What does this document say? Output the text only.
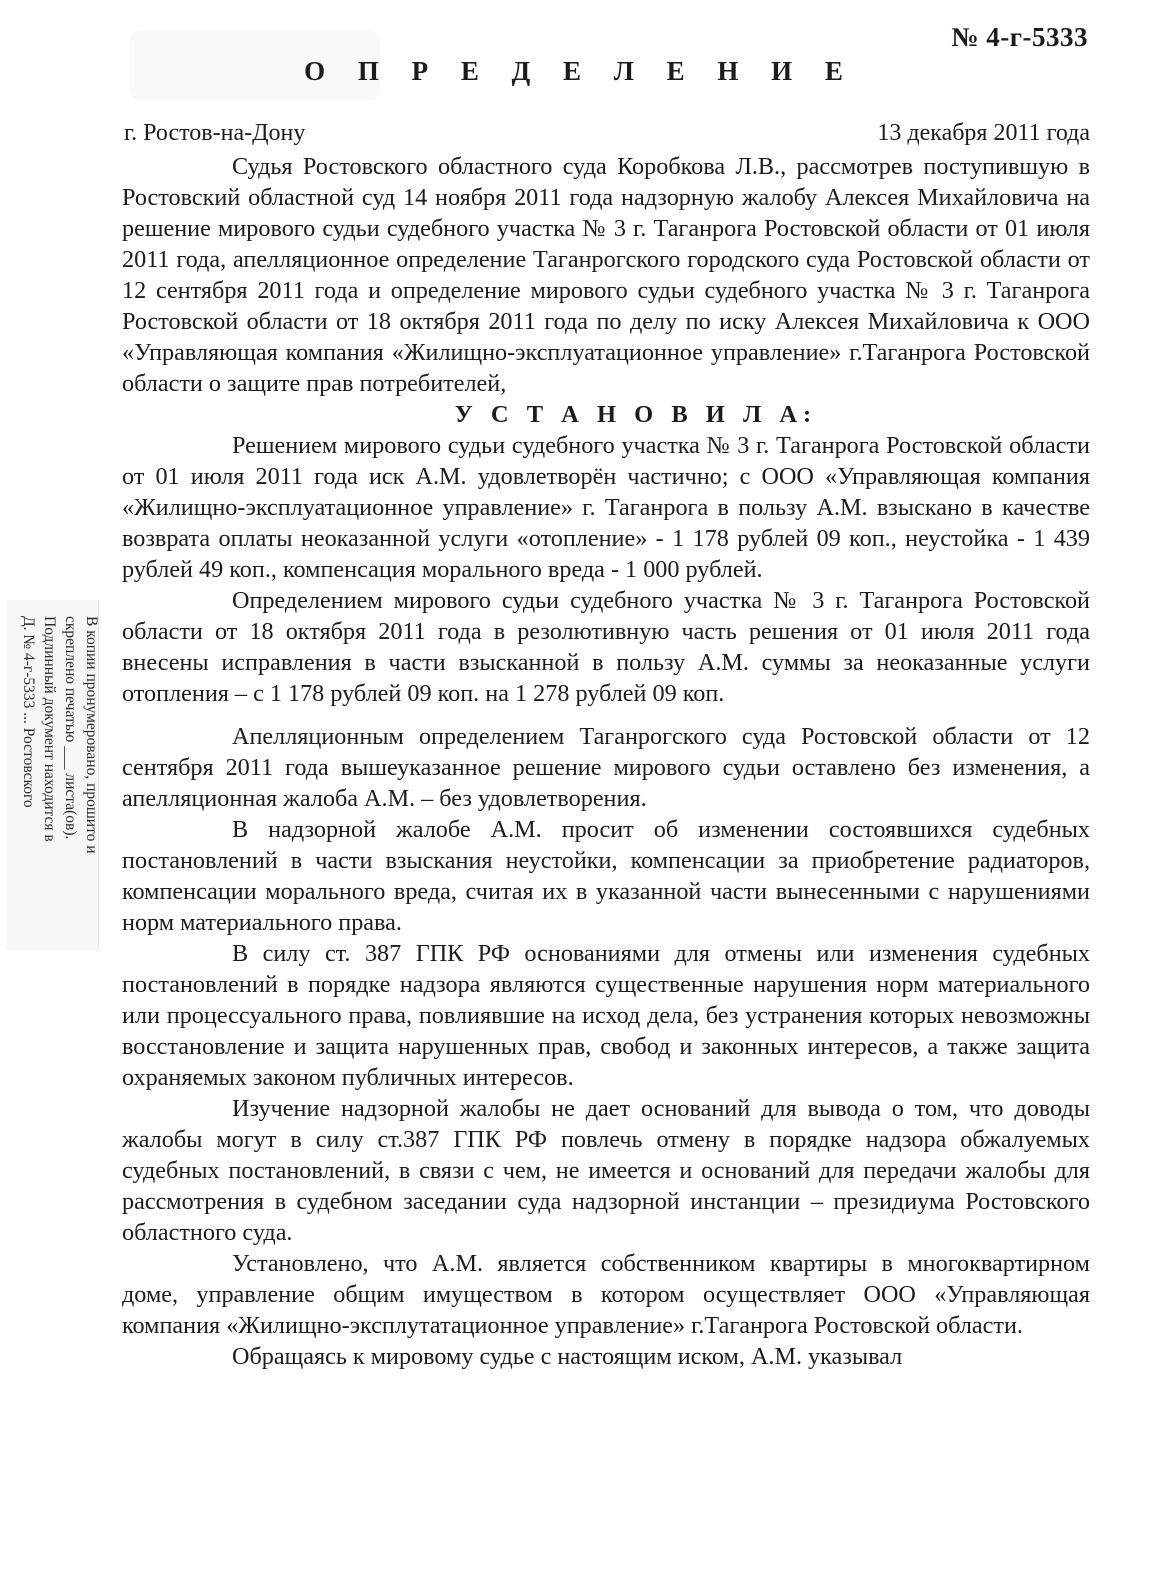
№ 4-г-5333
О П Р Е Д Е Л Е Н И Е
г. Ростов-на-Дону	13 декабря 2011 года

Судья Ростовского областного суда Коробкова Л.В., рассмотрев поступившую в Ростовский областной суд 14 ноября 2011 года надзорную жалобу Алексея Михайловича на решение мирового судьи судебного участка № 3 г. Таганрога Ростовской области от 01 июля 2011 года, апелляционное определение Таганрогского городского суда Ростовской области от 12 сентября 2011 года и определение мирового судьи судебного участка № 3 г. Таганрога Ростовской области от 18 октября 2011 года по делу по иску Алексея Михайловича к ООО «Управляющая компания «Жилищно-эксплуатационное управление» г.Таганрога Ростовской области о защите прав потребителей,

У С Т А Н О В И Л А:

Решением мирового судьи судебного участка № 3 г. Таганрога Ростовской области от 01 июля 2011 года иск А.М. удовлетворён частично; с ООО «Управляющая компания «Жилищно-эксплуатационное управление» г. Таганрога в пользу А.М. взыскано в качестве возврата оплаты неоказанной услуги «отопление» - 1 178 рублей 09 коп., неустойка - 1 439 рублей 49 коп., компенсация морального вреда - 1 000 рублей.

Определением мирового судьи судебного участка № 3 г. Таганрога Ростовской области от 18 октября 2011 года в резолютивную часть решения от 01 июля 2011 года внесены исправления в части взысканной в пользу А.М. суммы за неоказанные услуги отопления – с 1 178 рублей 09 коп. на 1 278 рублей 09 коп.

Апелляционным определением Таганрогского суда Ростовской области от 12 сентября 2011 года вышеуказанное решение мирового судьи оставлено без изменения, а апелляционная жалоба А.М. – без удовлетворения.

В надзорной жалобе А.М. просит об изменении состоявшихся судебных постановлений в части взыскания неустойки, компенсации за приобретение радиаторов, компенсации морального вреда, считая их в указанной части вынесенными с нарушениями норм материального права.

В силу ст. 387 ГПК РФ основаниями для отмены или изменения судебных постановлений в порядке надзора являются существенные нарушения норм материального или процессуального права, повлиявшие на исход дела, без устранения которых невозможны восстановление и защита нарушенных прав, свобод и законных интересов, а также защита охраняемых законом публичных интересов.

Изучение надзорной жалобы не дает оснований для вывода о том, что доводы жалобы могут в силу ст.387 ГПК РФ повлечь отмену в порядке надзора обжалуемых судебных постановлений, в связи с чем, не имеется и оснований для передачи жалобы для рассмотрения в судебном заседании суда надзорной инстанции – президиума Ростовского областного суда.

Установлено, что А.М. является собственником квартиры в многоквартирном доме, управление общим имуществом в котором осуществляет ООО «Управляющая компания «Жилищно-эксплутатационное управление» г.Таганрога Ростовской области.

Обращаясь к мировому судье с настоящим иском, А.М. указывал

В копии пронумеровано, прошито и
скреплено печатью ___ листа(ов).
Подлинный документ находится в
Д. № 4-г-5333 ... Ростовского
